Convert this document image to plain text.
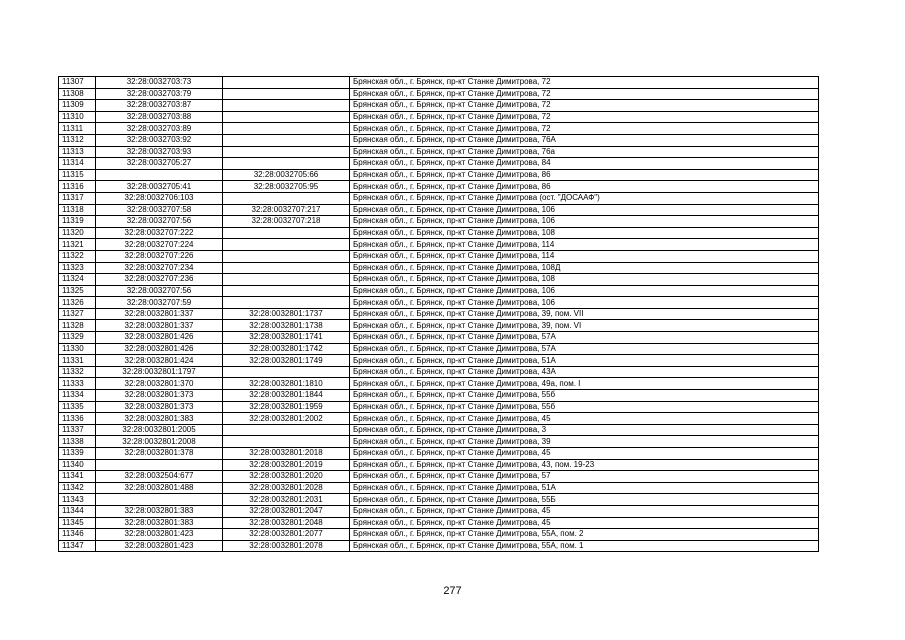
11307	32:28:0032703:73		Брянская обл., г. Брянск, пр-кт Станке Димитрова, 72
11308	32:28:0032703:79		Брянская обл., г. Брянск, пр-кт Станке Димитрова, 72
11309	32:28:0032703:87		Брянская обл., г. Брянск, пр-кт Станке Димитрова, 72
11310	32:28:0032703:88		Брянская обл., г. Брянск, пр-кт Станке Димитрова, 72
11311	32:28:0032703:89		Брянская обл., г. Брянск, пр-кт Станке Димитрова, 72
11312	32:28:0032703:92		Брянская обл., г. Брянск, пр-кт Станке Димитрова, 76А
11313	32:28:0032703:93		Брянская обл., г. Брянск, пр-кт Станке Димитрова, 76а
11314	32:28:0032705:27		Брянская обл., г. Брянск, пр-кт Станке Димитрова, 84
11315		32:28:0032705:66	Брянская обл., г. Брянск, пр-кт Станке Димитрова, 86
11316	32:28:0032705:41	32:28:0032705:95	Брянская обл., г. Брянск, пр-кт Станке Димитрова, 86
11317	32:28:0032706:103		Брянская обл., г. Брянск, пр-кт Станке Димитрова (ост. "ДОСААФ")
11318	32:28:0032707:58	32:28:0032707:217	Брянская обл., г. Брянск, пр-кт Станке Димитрова, 106
11319	32:28:0032707:56	32:28:0032707:218	Брянская обл., г. Брянск, пр-кт Станке Димитрова, 106
11320	32:28:0032707:222		Брянская обл., г. Брянск, пр-кт Станке Димитрова, 108
11321	32:28:0032707:224		Брянская обл., г. Брянск, пр-кт Станке Димитрова, 114
11322	32:28:0032707:226		Брянская обл., г. Брянск, пр-кт Станке Димитрова, 114
11323	32:28:0032707:234		Брянская обл., г. Брянск, пр-кт Станке Димитрова, 108Д
11324	32:28:0032707:236		Брянская обл., г. Брянск, пр-кт Станке Димитрова, 108
11325	32:28:0032707:56		Брянская обл., г. Брянск, пр-кт Станке Димитрова, 106
11326	32:28:0032707:59		Брянская обл., г. Брянск, пр-кт Станке Димитрова, 106
11327	32:28:0032801:337	32:28:0032801:1737	Брянская обл., г. Брянск, пр-кт Станке Димитрова, 39, пом. VII
11328	32:28:0032801:337	32:28:0032801:1738	Брянская обл., г. Брянск, пр-кт Станке Димитрова, 39, пом. VI
11329	32:28:0032801:426	32:28:0032801:1741	Брянская обл., г. Брянск, пр-кт Станке Димитрова, 57А
11330	32:28:0032801:426	32:28:0032801:1742	Брянская обл., г. Брянск, пр-кт Станке Димитрова, 57А
11331	32:28:0032801:424	32:28:0032801:1749	Брянская обл., г. Брянск, пр-кт Станке Димитрова, 51А
11332	32:28:0032801:1797		Брянская обл., г. Брянск, пр-кт Станке Димитрова, 43А
11333	32:28:0032801:370	32:28:0032801:1810	Брянская обл., г. Брянск, пр-кт Станке Димитрова, 49а, пом. I
11334	32:28:0032801:373	32:28:0032801:1844	Брянская обл., г. Брянск, пр-кт Станке Димитрова, 55б
11335	32:28:0032801:373	32:28:0032801:1959	Брянская обл., г. Брянск, пр-кт Станке Димитрова, 55б
11336	32:28:0032801:383	32:28:0032801:2002	Брянская обл., г. Брянск, пр-кт Станке Димитрова, 45
11337	32:28:0032801:2005		Брянская обл., г. Брянск, пр-кт Станке Димитрова, 3
11338	32:28:0032801:2008		Брянская обл., г. Брянск, пр-кт Станке Димитрова, 39
11339	32:28:0032801:378	32:28:0032801:2018	Брянская обл., г. Брянск, пр-кт Станке Димитрова, 45
11340		32:28:0032801:2019	Брянская обл., г. Брянск, пр-кт Станке Димитрова, 43, пом. 19-23
11341	32:28:0032504:677	32:28:0032801:2020	Брянская обл., г. Брянск, пр-кт Станке Димитрова, 57
11342	32:28:0032801:488	32:28:0032801:2028	Брянская обл., г. Брянск, пр-кт Станке Димитрова, 51А
11343		32:28:0032801:2031	Брянская обл., г. Брянск, пр-кт Станке Димитрова, 55Б
11344	32:28:0032801:383	32:28:0032801:2047	Брянская обл., г. Брянск, пр-кт Станке Димитрова, 45
11345	32:28:0032801:383	32:28:0032801:2048	Брянская обл., г. Брянск, пр-кт Станке Димитрова, 45
11346	32:28:0032801:423	32:28:0032801:2077	Брянская обл., г. Брянск, пр-кт Станке Димитрова, 55А, пом. 2
11347	32:28:0032801:423	32:28:0032801:2078	Брянская обл., г. Брянск, пр-кт Станке Димитрова, 55А, пом. 1
277
